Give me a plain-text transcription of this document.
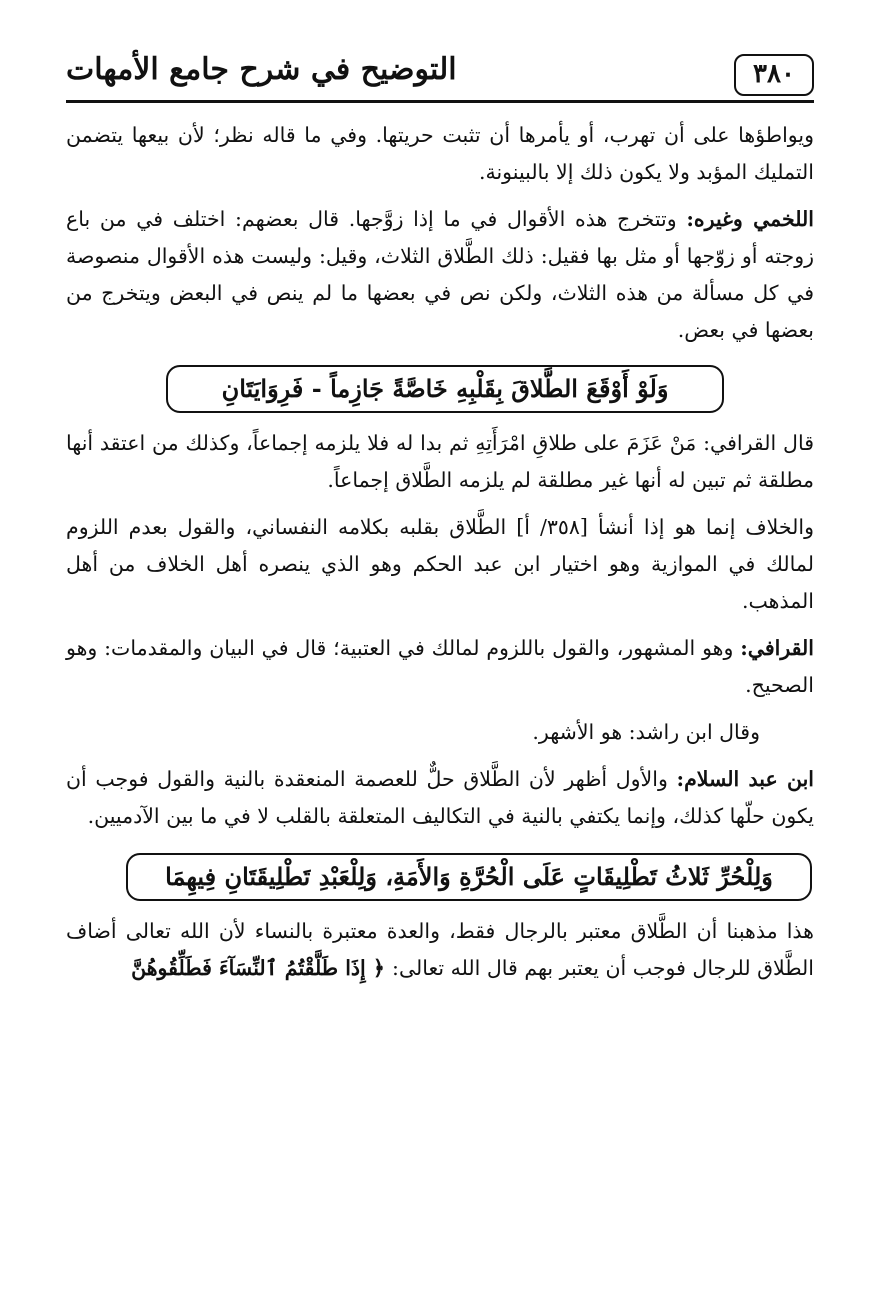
٣٨٠
التوضيح في شرح جامع الأمهات

ويواطؤها على أن تهرب، أو يأمرها أن تثبت حريتها. وفي ما قاله نظر؛ لأن بيعها يتضمن التمليك المؤبد ولا يكون ذلك إلا بالبينونة.

اللخمي وغيره: وتتخرج هذه الأقوال في ما إذا زوَّجها. قال بعضهم: اختلف في من باع زوجته أو زوّجها أو مثل بها فقيل: ذلك الطَّلاق الثلاث، وقيل: وليست هذه الأقوال منصوصة في كل مسألة من هذه الثلاث، ولكن نص في بعضها ما لم ينص في البعض ويتخرج من بعضها في بعض.

وَلَوْ أَوْقَعَ الطَّلاقَ بِقَلْبِهِ خَاصَّةً جَازِماً - فَرِوَايَتَانِ

قال القرافي: مَنْ عَزَمَ على طلاقِ امْرَأَتِهِ ثم بدا له فلا يلزمه إجماعاً، وكذلك من اعتقد أنها مطلقة ثم تبين له أنها غير مطلقة لم يلزمه الطَّلاق إجماعاً.

والخلاف إنما هو إذا أنشأ [٣٥٨/ أ] الطَّلاق بقلبه بكلامه النفساني، والقول بعدم اللزوم لمالك في الموازية وهو اختيار ابن عبد الحكم وهو الذي ينصره أهل الخلاف من أهل المذهب.

القرافي: وهو المشهور، والقول باللزوم لمالك في العتبية؛ قال في البيان والمقدمات: وهو الصحيح.

وقال ابن راشد: هو الأشهر.

ابن عبد السلام: والأول أظهر لأن الطَّلاق حلٌّ للعصمة المنعقدة بالنية والقول فوجب أن يكون حلّها كذلك، وإنما يكتفي بالنية في التكاليف المتعلقة بالقلب لا في ما بين الآدميين.

وَلِلْحُرِّ ثَلاثُ تَطْلِيقَاتٍ عَلَى الْحُرَّةِ وَالأَمَةِ، وَلِلْعَبْدِ تَطْلِيقَتَانِ فِيهِمَا

هذا مذهبنا أن الطَّلاق معتبر بالرجال فقط، والعدة معتبرة بالنساء لأن الله تعالى أضاف الطَّلاق للرجال فوجب أن يعتبر بهم قال الله تعالى: ﴿ إِذَا طَلَّقْتُمُ ٱلنِّسَآءَ فَطَلِّقُوهُنَّ
